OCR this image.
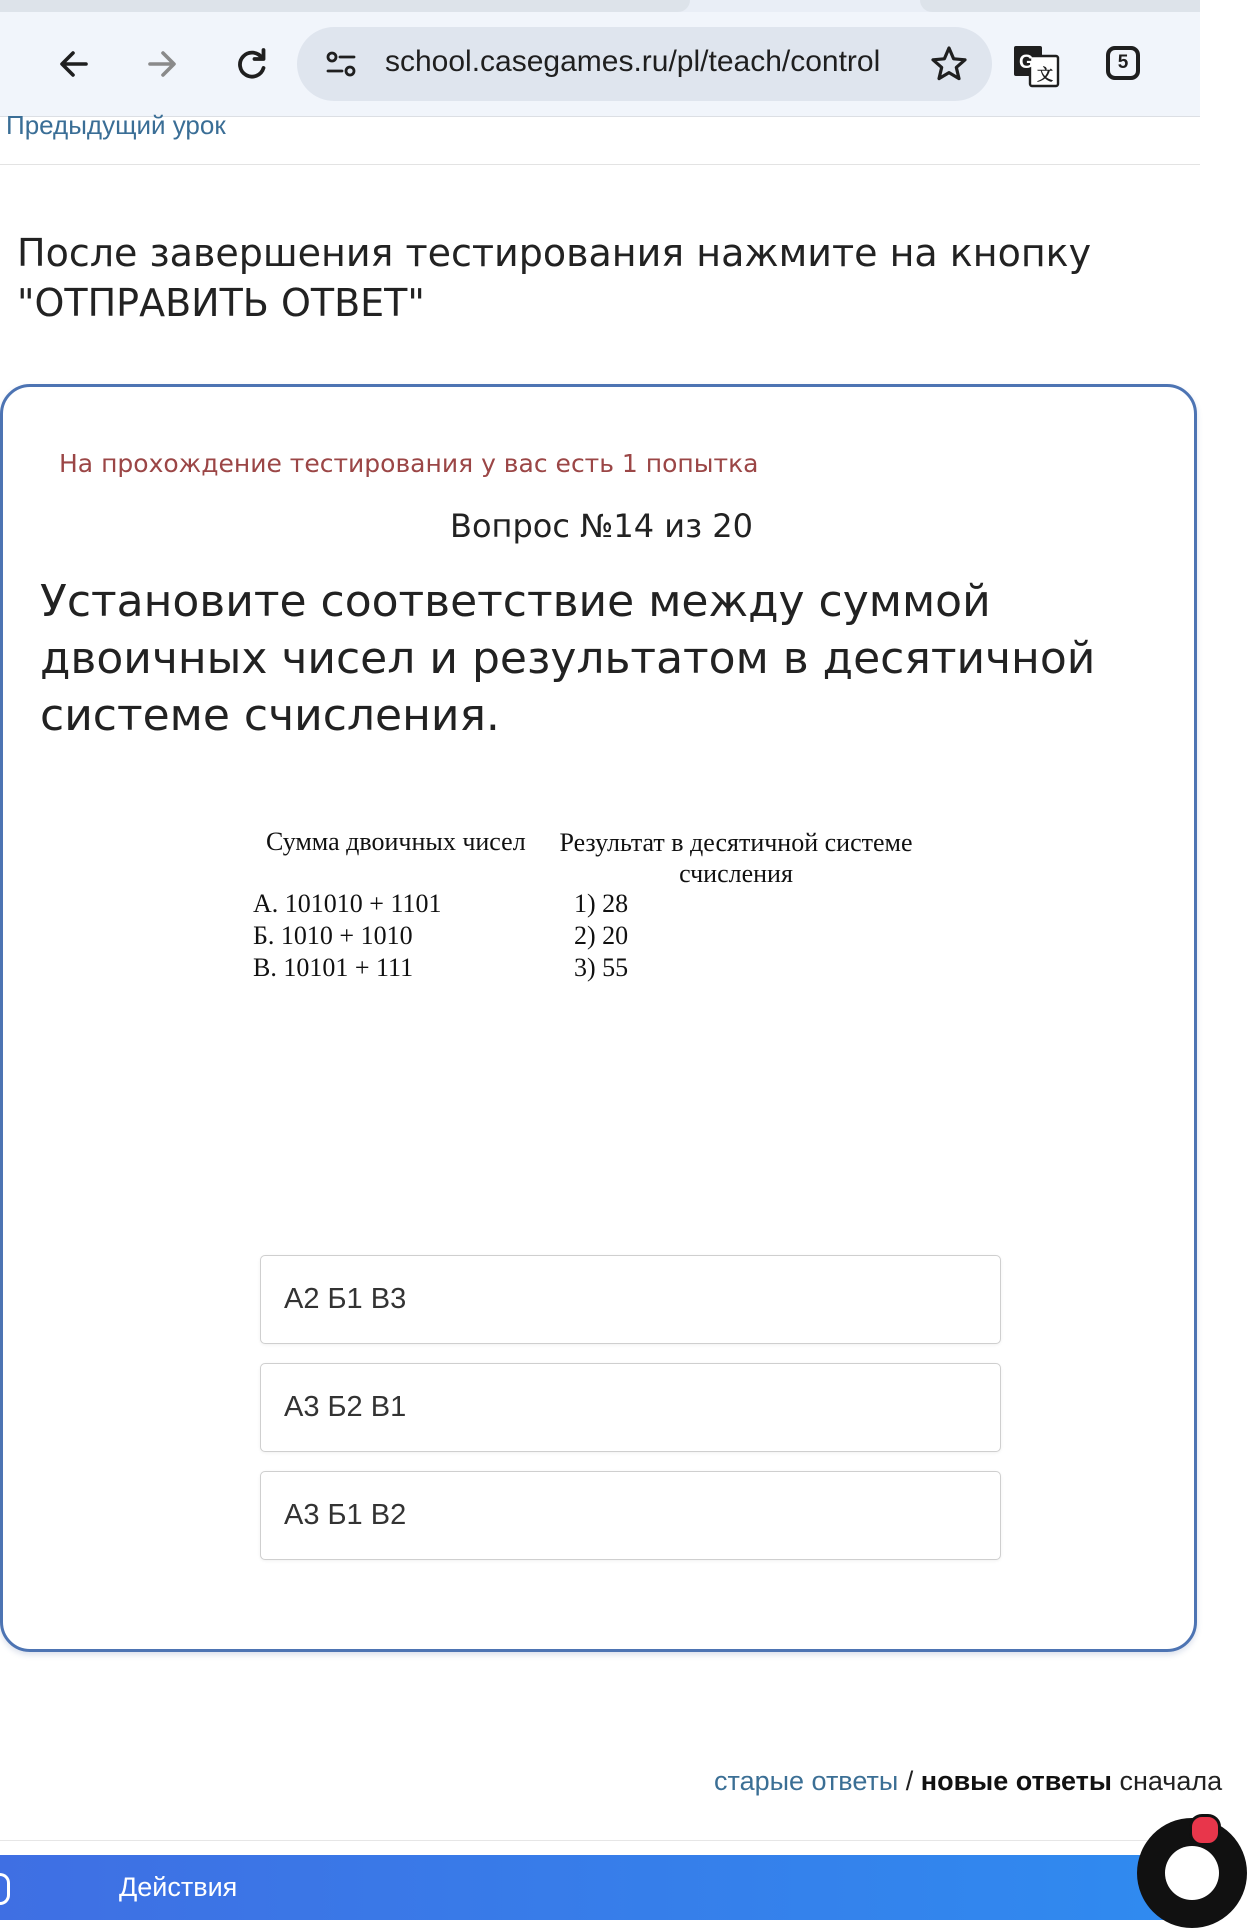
school.casegames.ru/pl/teach/control	G
文
5
Предыдущий урок
После завершения тестирования нажмите на кнопку "ОТПРАВИТЬ ОТВЕТ"
На прохождение тестирования у вас есть 1 попытка
Вопрос №14 из 20
Установите соответствие между суммой двоичных чисел и результатом в десятичной системе счисления.
Сумма двоичных чисел	Результат в десятичной системе
счисления
А. 101010 + 1101
Б. 1010 + 1010
В. 10101 + 111
1) 28
2) 20
3) 55
А2 Б1 В3
А3 Б2 В1
А3 Б1 В2
старые ответы / новые ответы сначала
Действия
